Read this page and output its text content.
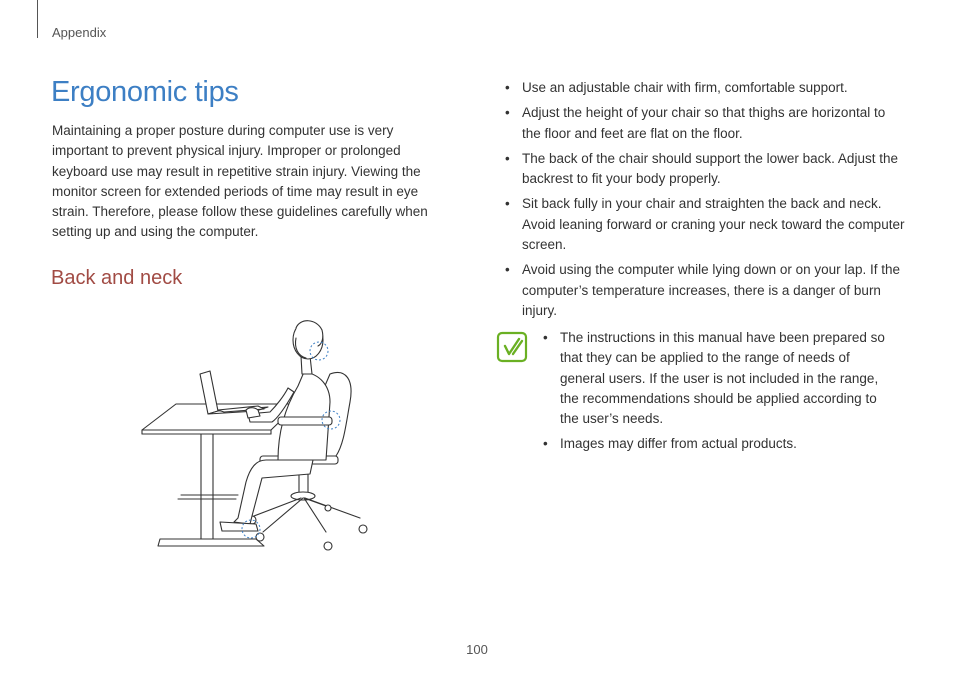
Appendix
Ergonomic tips

Maintaining a proper posture during computer use is very important to prevent physical injury. Improper or prolonged keyboard use may result in repetitive strain injury. Viewing the monitor screen for extended periods of time may result in eye strain. Therefore, please follow these guidelines carefully when setting up and using the computer.

Back and neck
• Use an adjustable chair with firm, comfortable support.
• Adjust the height of your chair so that thighs are horizontal to the floor and feet are flat on the floor.
• The back of the chair should support the lower back. Adjust the backrest to fit your body properly.
• Sit back fully in your chair and straighten the back and neck. Avoid leaning forward or craning your neck toward the computer screen.
• Avoid using the computer while lying down or on your lap. If the computer’s temperature increases, there is a danger of burn injury.
• The instructions in this manual have been prepared so that they can be applied to the range of needs of general users. If the user is not included in the range, the recommendations should be applied according to the user’s needs.
• Images may differ from actual products.
100
